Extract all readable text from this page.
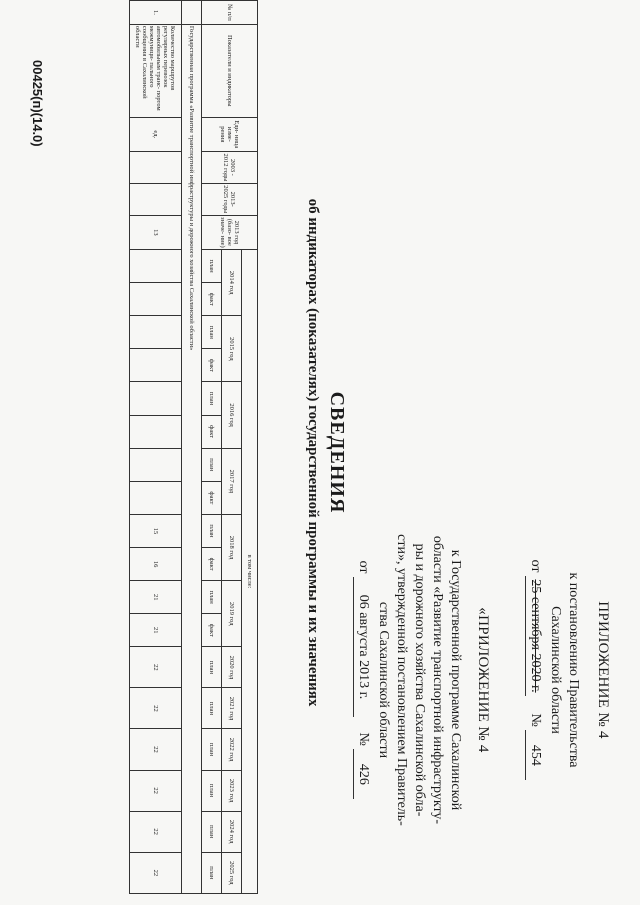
ПРИЛОЖЕНИЕ № 4
к постановлению Правительства
Сахалинской области
от 25 сентября 2020 г. № 454
«ПРИЛОЖЕНИЕ № 4
к Государственной программе Сахалинской
области «Развитие транспортной инфраструкту-
ры и дорожного хозяйства Сахалинской обла-
сти», утвержденной постановлением Правитель-
ства Сахалинской области
от 06 августа 2013 г. № 426
СВЕДЕНИЯ
об индикаторах (показателях) государственной программы и их значениях
№ п/п	Показатели и индикаторы	Еди- ница изме- рения	2003 - 2012 годы	2013- 2025 годы	2013 год (базо- вое значе- ние)	в том числе:																	
						2014 год		2015 год		2016 год		2017 год		2018 год		2019 год		2020 год	2021 год	2022 год	2023 год	2024 год	2025 год
						план	факт	план	факт	план	факт	план	факт	план	факт	план	факт	план	план	план	план	план	план
	Государственная программа «Развитие транспортной инфраструктуры и дорожного хозяйства Сахалинской области»																						
1.	Количество маршрутов регулярных перевозок автомобильным транс- портом межмуници- пального сообщения в Сахалинской области	ед.			13									15	16	21	21	22	22	22	22	22	22
00425(п)(14.0)
